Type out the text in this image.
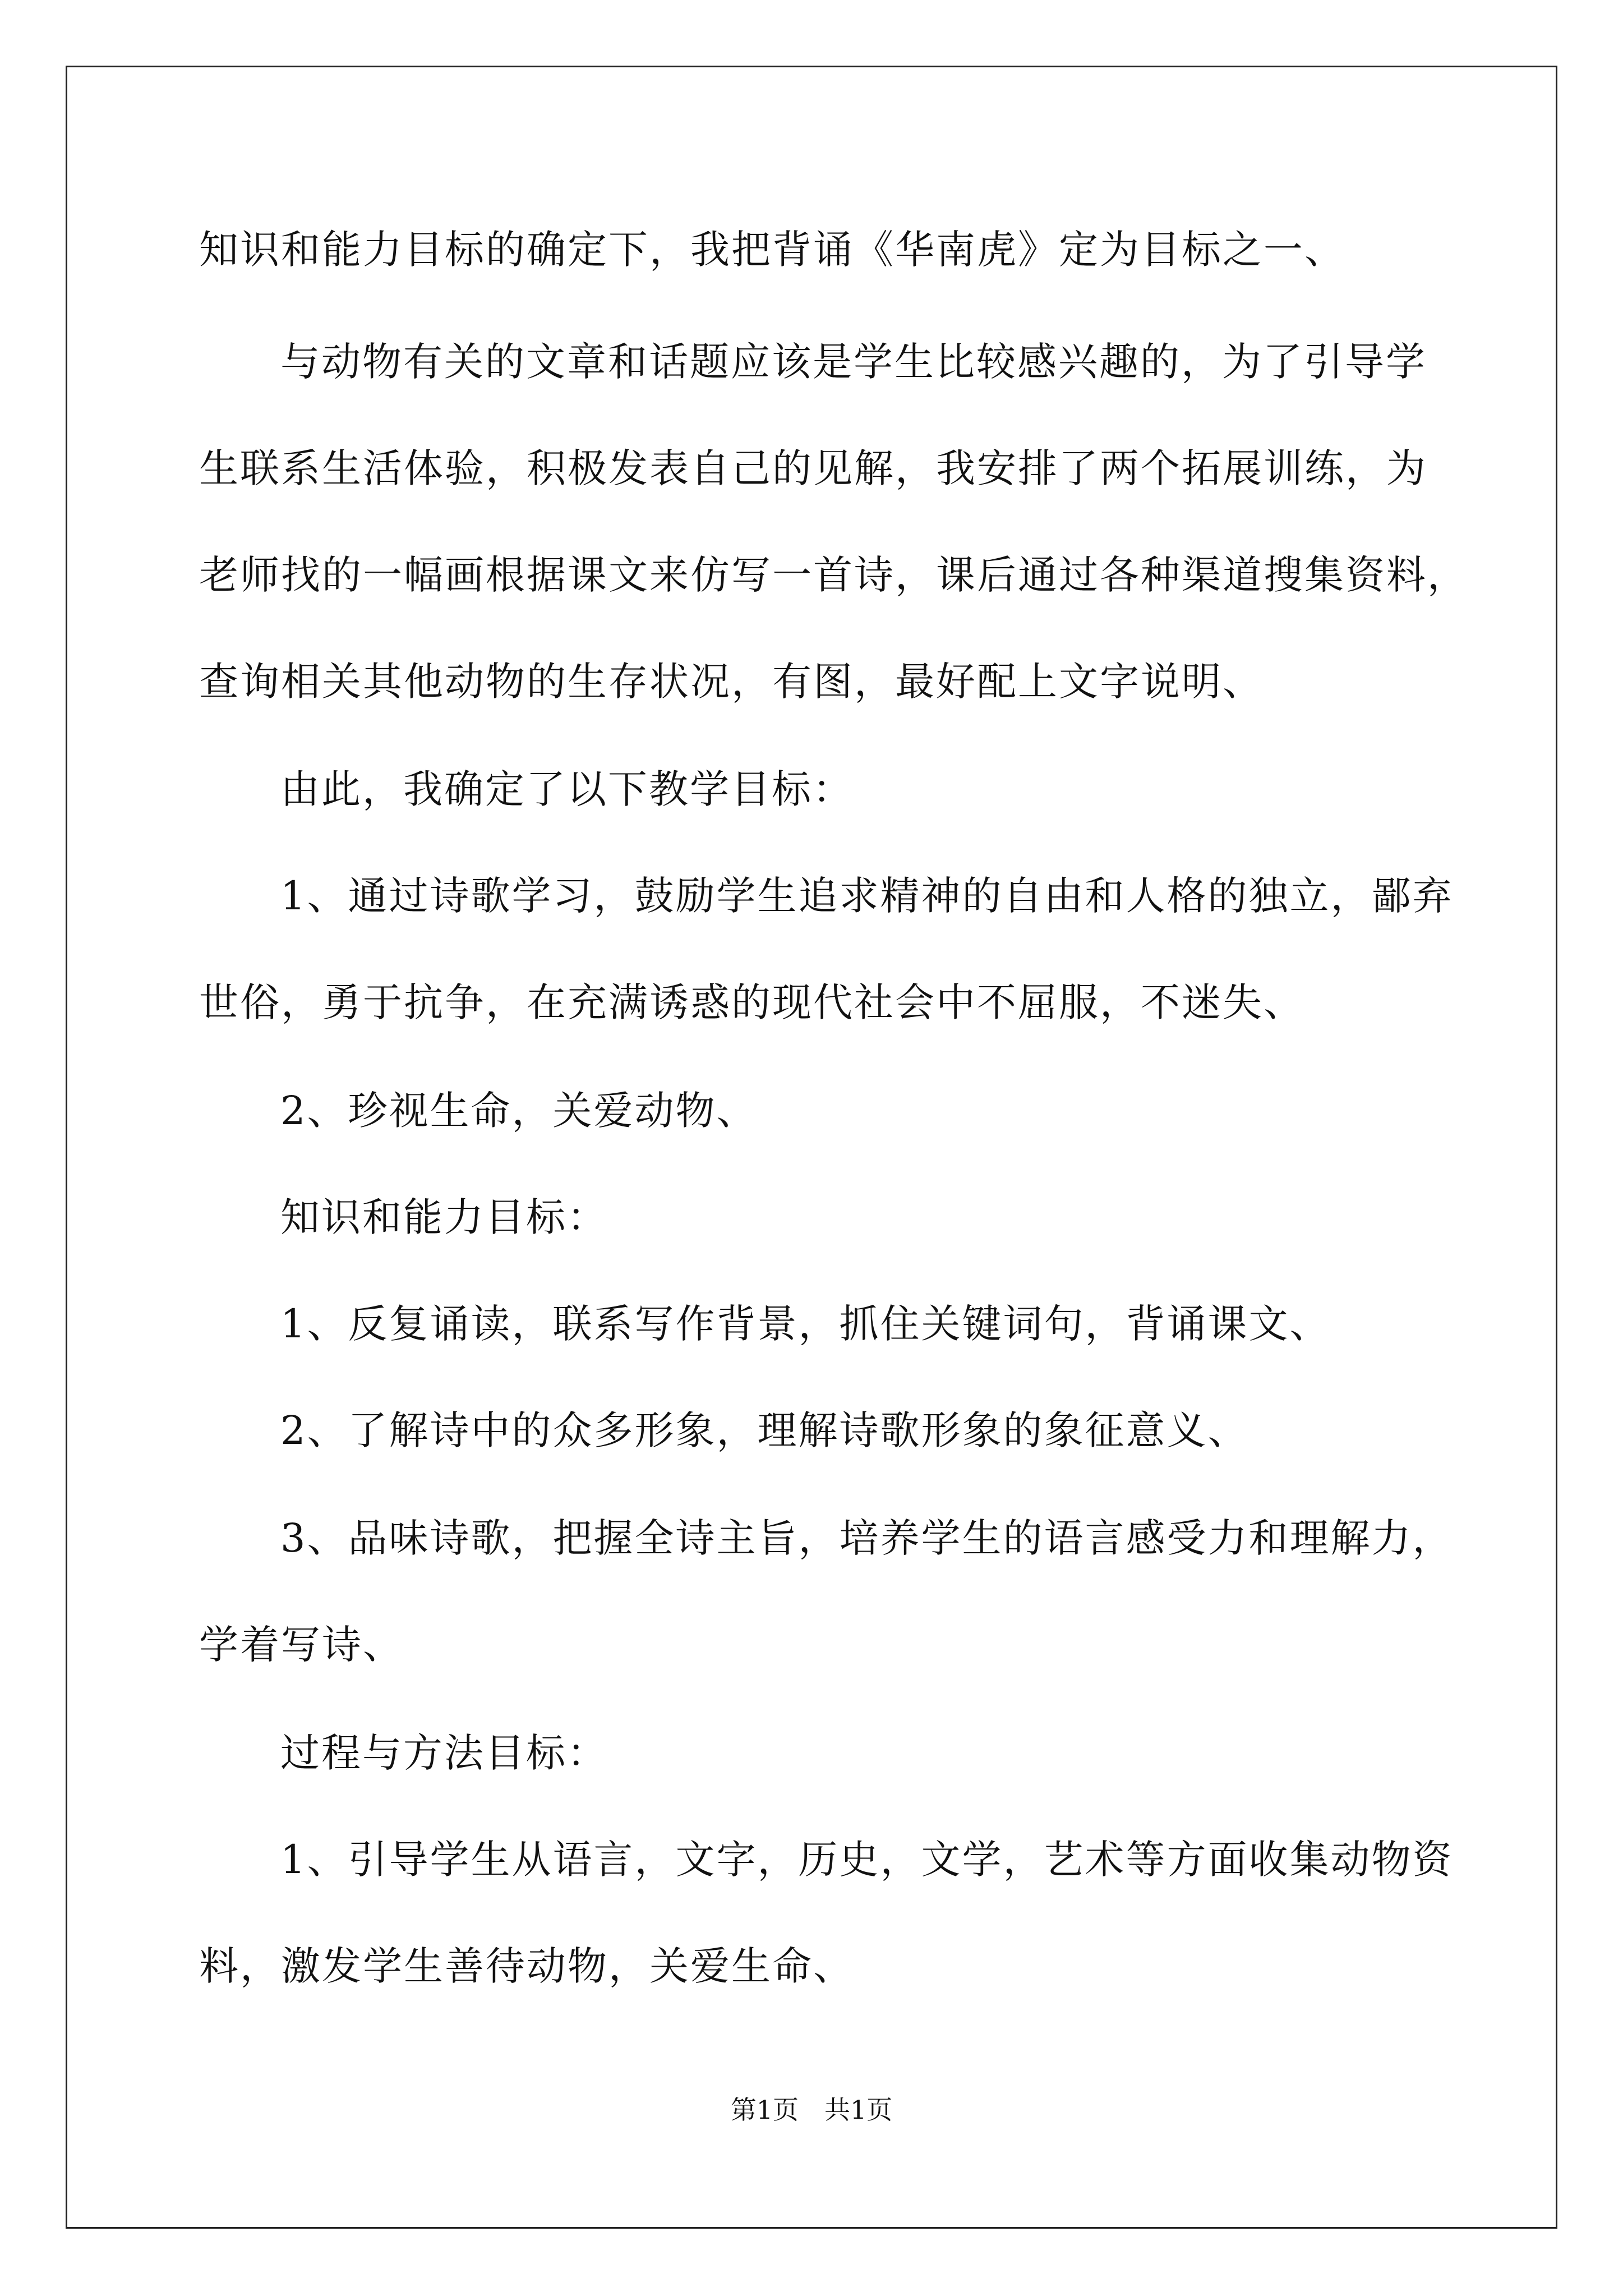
知识和能力目标的确定下，我把背诵《华南虎》定为目标之一、
与动物有关的文章和话题应该是学生比较感兴趣的，为了引导学
生联系生活体验，积极发表自己的见解，我安排了两个拓展训练，为
老师找的一幅画根据课文来仿写一首诗，课后通过各种渠道搜集资料，
查询相关其他动物的生存状况，有图，最好配上文字说明、
由此，我确定了以下教学目标：
1、通过诗歌学习，鼓励学生追求精神的自由和人格的独立，鄙弃
世俗，勇于抗争，在充满诱惑的现代社会中不屈服，不迷失、
2、珍视生命，关爱动物、
知识和能力目标：
1、反复诵读，联系写作背景，抓住关键词句，背诵课文、
2、了解诗中的众多形象，理解诗歌形象的象征意义、
3、品味诗歌，把握全诗主旨，培养学生的语言感受力和理解力，
学着写诗、
过程与方法目标：
1、引导学生从语言，文字，历史，文学，艺术等方面收集动物资
料，激发学生善待动物，关爱生命、
第1页　共1页
